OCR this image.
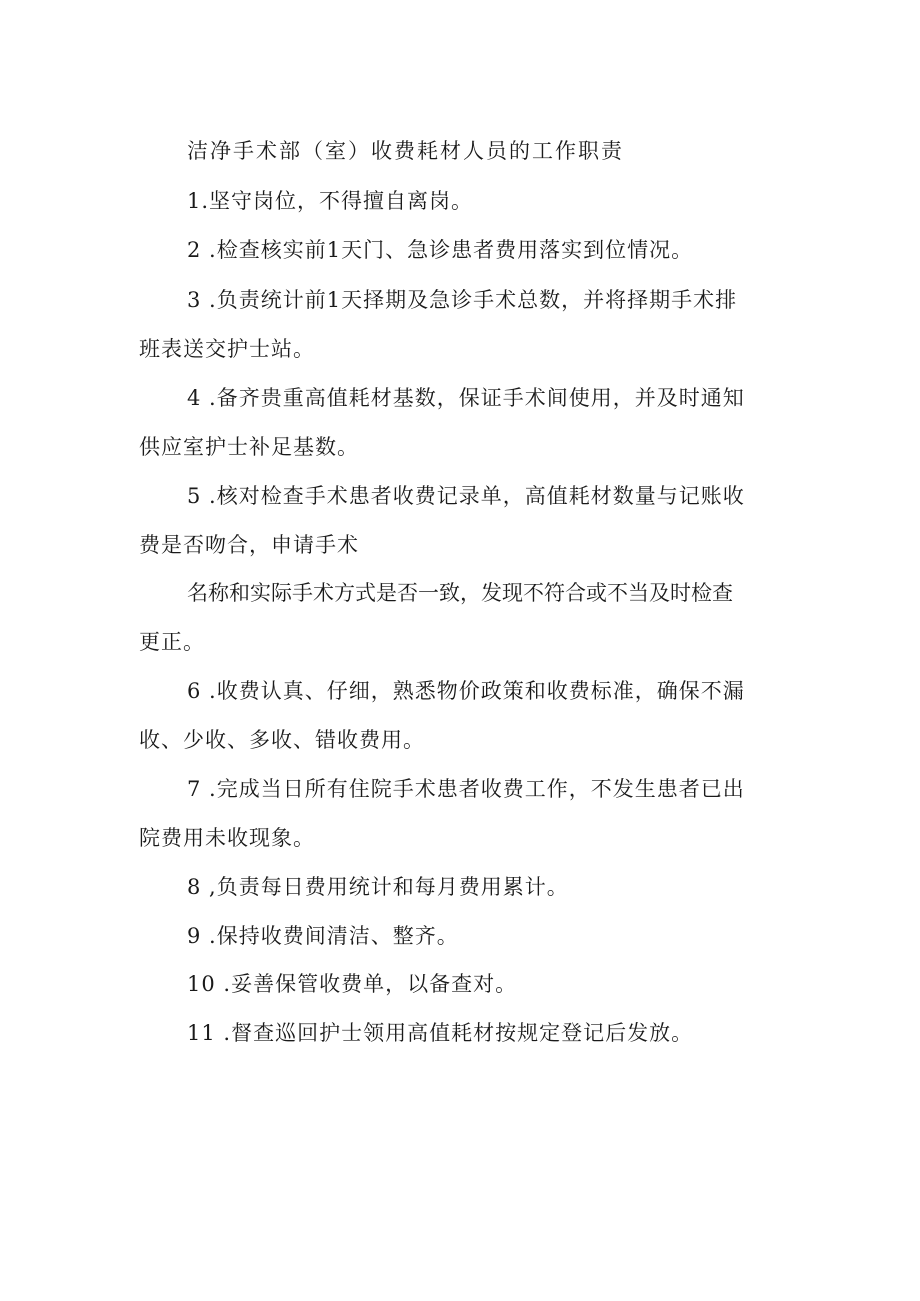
洁净手术部（室）收费耗材人员的工作职责

1.坚守岗位，不得擅自离岗。

2 .检查核实前1天门、急诊患者费用落实到位情况。

3 .负责统计前1天择期及急诊手术总数，并将择期手术排

班表送交护士站。

4 .备齐贵重高值耗材基数，保证手术间使用，并及时通知

供应室护士补足基数。

5 .核对检查手术患者收费记录单，高值耗材数量与记账收

费是否吻合，申请手术

名称和实际手术方式是否一致，发现不符合或不当及时检查

更正。

6 .收费认真、仔细，熟悉物价政策和收费标准，确保不漏

收、少收、多收、错收费用。

7 .完成当日所有住院手术患者收费工作，不发生患者已出

院费用未收现象。

8 ,负责每日费用统计和每月费用累计。

9 .保持收费间清洁、整齐。

10 .妥善保管收费单，以备查对。

11 .督查巡回护士领用高值耗材按规定登记后发放。
